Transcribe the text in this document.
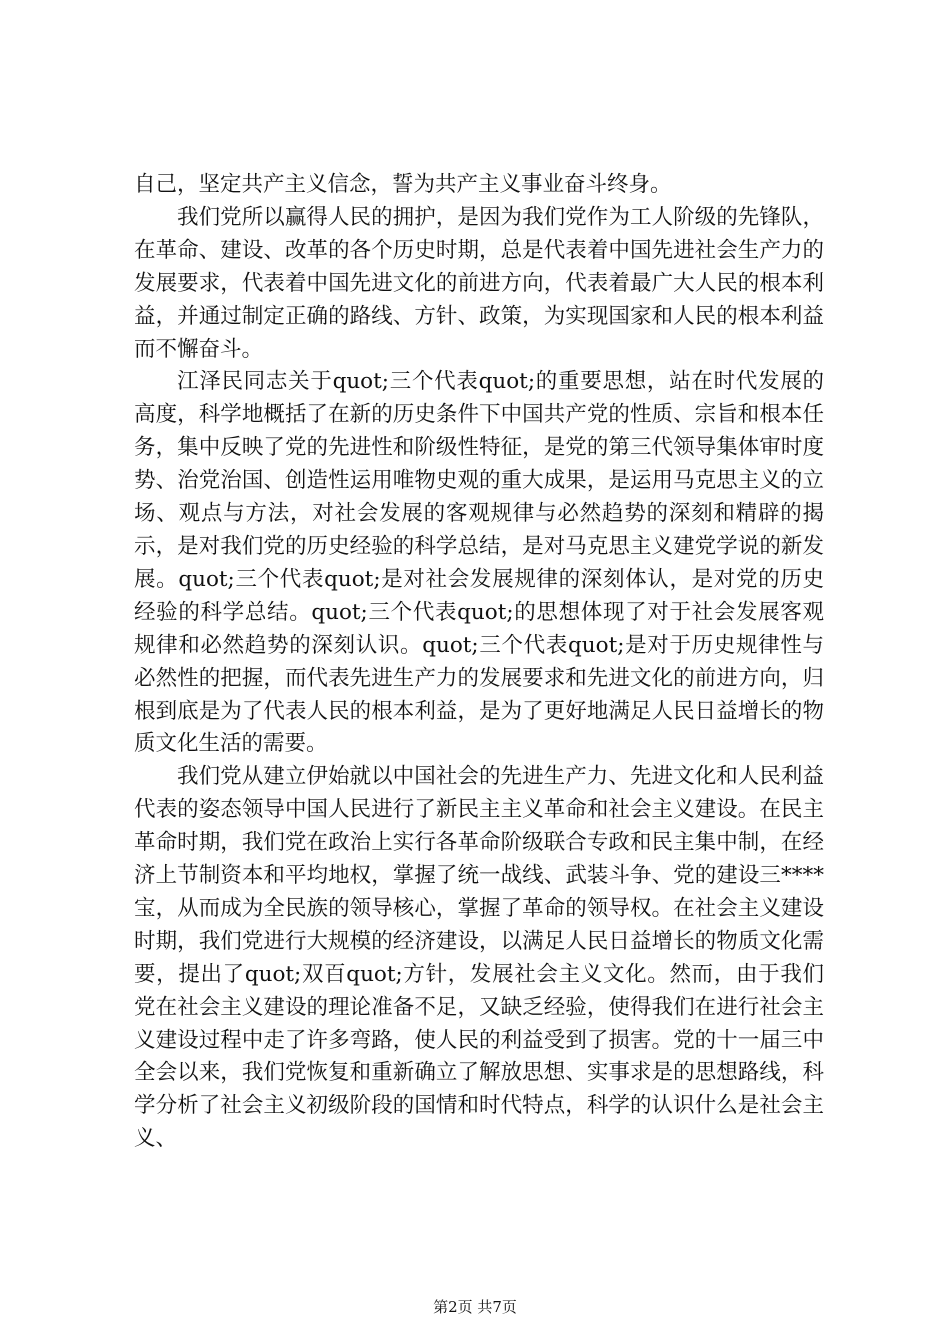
自己，坚定共产主义信念，誓为共产主义事业奋斗终身。

我们党所以赢得人民的拥护，是因为我们党作为工人阶级的先锋队，在革命、建设、改革的各个历史时期，总是代表着中国先进社会生产力的发展要求，代表着中国先进文化的前进方向，代表着最广大人民的根本利益，并通过制定正确的路线、方针、政策，为实现国家和人民的根本利益而不懈奋斗。

江泽民同志关于quot;三个代表quot;的重要思想，站在时代发展的高度，科学地概括了在新的历史条件下中国共产党的性质、宗旨和根本任务，集中反映了党的先进性和阶级性特征，是党的第三代领导集体审时度势、治党治国、创造性运用唯物史观的重大成果，是运用马克思主义的立场、观点与方法，对社会发展的客观规律与必然趋势的深刻和精辟的揭示，是对我们党的历史经验的科学总结，是对马克思主义建党学说的新发展。quot;三个代表quot;是对社会发展规律的深刻体认，是对党的历史经验的科学总结。quot;三个代表quot;的思想体现了对于社会发展客观规律和必然趋势的深刻认识。quot;三个代表quot;是对于历史规律性与必然性的把握，而代表先进生产力的发展要求和先进文化的前进方向，归根到底是为了代表人民的根本利益，是为了更好地满足人民日益增长的物质文化生活的需要。

我们党从建立伊始就以中国社会的先进生产力、先进文化和人民利益代表的姿态领导中国人民进行了新民主主义革命和社会主义建设。在民主革命时期，我们党在政治上实行各革命阶级联合专政和民主集中制，在经济上节制资本和平均地权，掌握了统一战线、武装斗争、党的建设三****宝，从而成为全民族的领导核心，掌握了革命的领导权。在社会主义建设时期，我们党进行大规模的经济建设，以满足人民日益增长的物质文化需要，提出了quot;双百quot;方针，发展社会主义文化。然而，由于我们党在社会主义建设的理论准备不足，又缺乏经验，使得我们在进行社会主义建设过程中走了许多弯路，使人民的利益受到了损害。党的十一届三中全会以来，我们党恢复和重新确立了解放思想、实事求是的思想路线，科学分析了社会主义初级阶段的国情和时代特点，科学的认识什么是社会主义、

第2页 共7页
